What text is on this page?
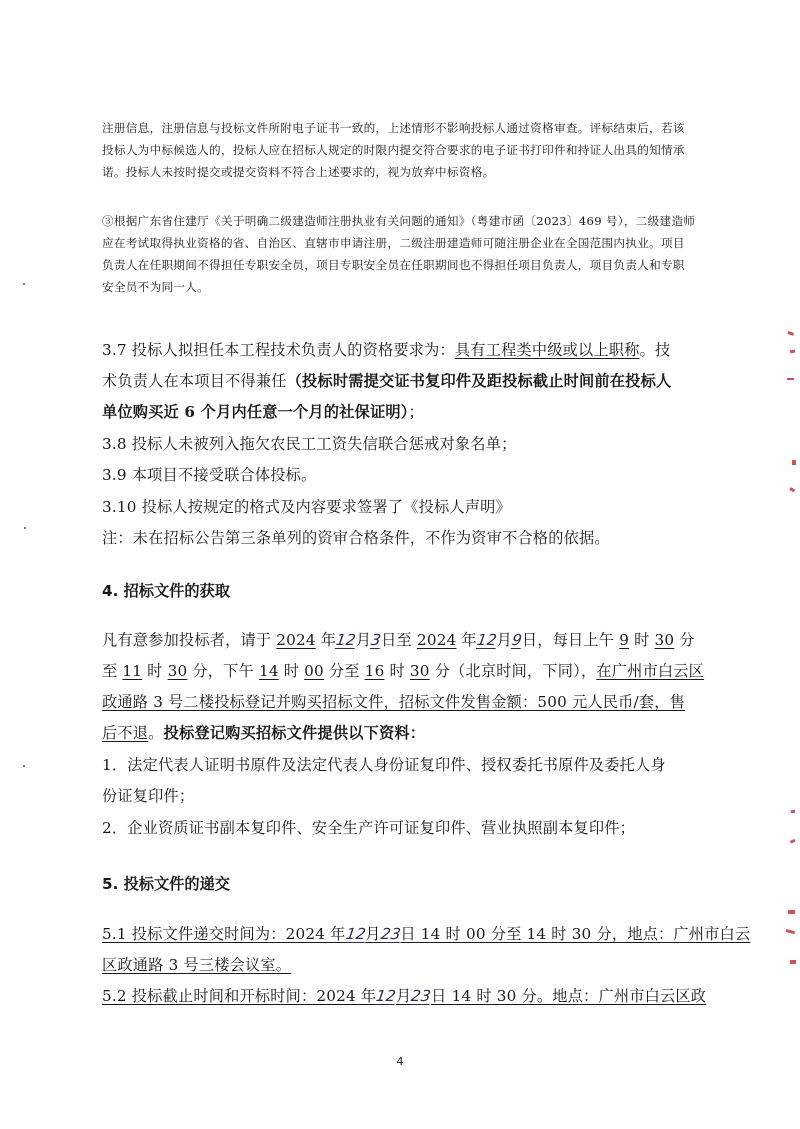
注册信息，注册信息与投标文件所附电子证书一致的，上述情形不影响投标人通过资格审查。评标结束后，若该
投标人为中标候选人的，投标人应在招标人规定的时限内提交符合要求的电子证书打印件和持证人出具的知情承
诺。投标人未按时提交或提交资料不符合上述要求的，视为放弃中标资格。

③根据广东省住建厅《关于明确二级建造师注册执业有关问题的通知》（粤建市函〔2023〕469 号），二级建造师
应在考试取得执业资格的省、自治区、直辖市申请注册，二级注册建造师可随注册企业在全国范围内执业。项目
负责人在任职期间不得担任专职安全员，项目专职安全员在任职期间也不得担任项目负责人，项目负责人和专职
安全员不为同一人。

3.7 投标人拟担任本工程技术负责人的资格要求为：具有工程类中级或以上职称。技

术负责人在本项目不得兼任（投标时需提交证书复印件及距投标截止时间前在投标人

单位购买近 6 个月内任意一个月的社保证明）；

3.8 投标人未被列入拖欠农民工工资失信联合惩戒对象名单；

3.9 本项目不接受联合体投标。

3.10 投标人按规定的格式及内容要求签署了《投标人声明》

注：未在招标公告第三条单列的资审合格条件，不作为资审不合格的依据。

4. 招标文件的获取

凡有意参加投标者，请于 2024 年12月3日至 2024 年12月9日，每日上午 9 时 30 分

至 11 时 30 分，下午 14 时 00 分至 16 时 30 分（北京时间，下同），在广州市白云区

政通路 3 号二楼投标登记并购买招标文件，招标文件发售金额：500 元人民币/套，售

后不退。投标登记购买招标文件提供以下资料：

1．法定代表人证明书原件及法定代表人身份证复印件、授权委托书原件及委托人身

份证复印件；

2．企业资质证书副本复印件、安全生产许可证复印件、营业执照副本复印件；

5. 投标文件的递交

5.1 投标文件递交时间为：2024 年12月23日 14 时 00 分至 14 时 30 分，地点：广州市白云

区政通路 3 号三楼会议室。

5.2 投标截止时间和开标时间：2024 年12月23日 14 时 30 分。地点：广州市白云区政

4
